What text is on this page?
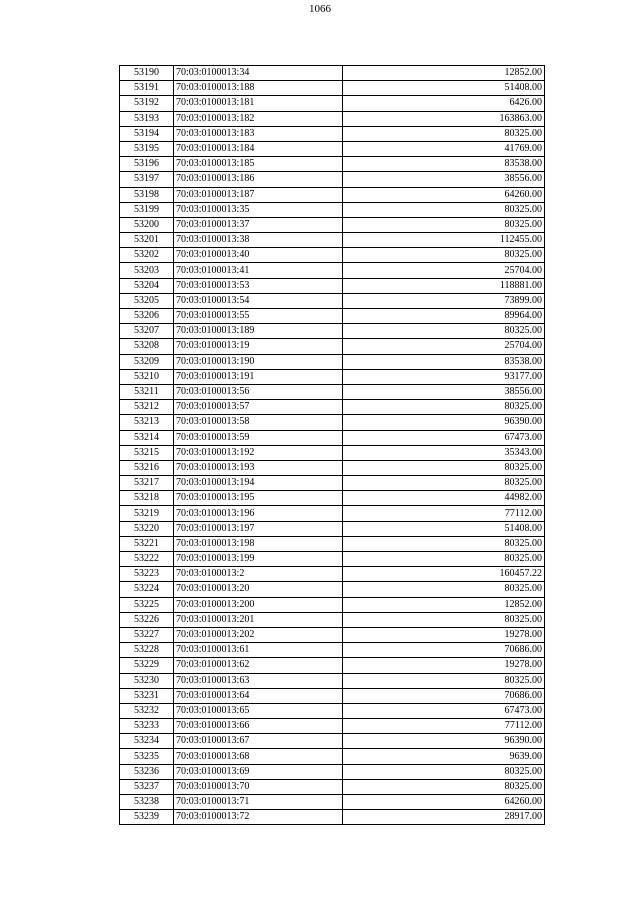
1066
53190	70:03:0100013:34	12852.00
53191	70:03:0100013:188	51408.00
53192	70:03:0100013:181	6426.00
53193	70:03:0100013:182	163863.00
53194	70:03:0100013:183	80325.00
53195	70:03:0100013:184	41769.00
53196	70:03:0100013:185	83538.00
53197	70:03:0100013:186	38556.00
53198	70:03:0100013:187	64260.00
53199	70:03:0100013:35	80325.00
53200	70:03:0100013:37	80325.00
53201	70:03:0100013:38	112455.00
53202	70:03:0100013:40	80325.00
53203	70:03:0100013:41	25704.00
53204	70:03:0100013:53	118881.00
53205	70:03:0100013:54	73899.00
53206	70:03:0100013:55	89964.00
53207	70:03:0100013:189	80325.00
53208	70:03:0100013:19	25704.00
53209	70:03:0100013:190	83538.00
53210	70:03:0100013:191	93177.00
53211	70:03:0100013:56	38556.00
53212	70:03:0100013:57	80325.00
53213	70:03:0100013:58	96390.00
53214	70:03:0100013:59	67473.00
53215	70:03:0100013:192	35343.00
53216	70:03:0100013:193	80325.00
53217	70:03:0100013:194	80325.00
53218	70:03:0100013:195	44982.00
53219	70:03:0100013:196	77112.00
53220	70:03:0100013:197	51408.00
53221	70:03:0100013:198	80325.00
53222	70:03:0100013:199	80325.00
53223	70:03:0100013:2	160457.22
53224	70:03:0100013:20	80325.00
53225	70:03:0100013:200	12852.00
53226	70:03:0100013:201	80325.00
53227	70:03:0100013:202	19278.00
53228	70:03:0100013:61	70686.00
53229	70:03:0100013:62	19278.00
53230	70:03:0100013:63	80325.00
53231	70:03:0100013:64	70686.00
53232	70:03:0100013:65	67473.00
53233	70:03:0100013:66	77112.00
53234	70:03:0100013:67	96390.00
53235	70:03:0100013:68	9639.00
53236	70:03:0100013:69	80325.00
53237	70:03:0100013:70	80325.00
53238	70:03:0100013:71	64260.00
53239	70:03:0100013:72	28917.00
